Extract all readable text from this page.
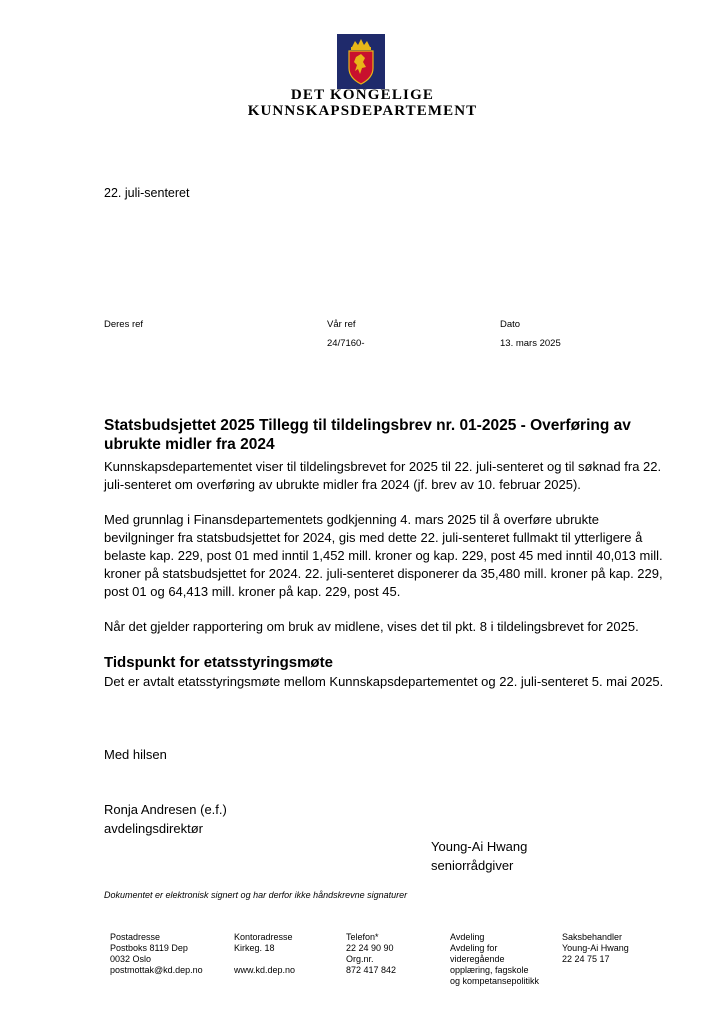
DET KONGELIGE
KUNNSKAPSDEPARTEMENT
22. juli-senteret
Deres ref	Vår ref
24/7160-
Dato
13. mars 2025
Statsbudsjettet 2025 Tillegg til tildelingsbrev nr. 01-2025 - Overføring av ubrukte midler fra 2024
Kunnskapsdepartementet viser til tildelingsbrevet for 2025 til 22. juli-senteret og til søknad fra 22. juli-senteret om overføring av ubrukte midler fra 2024 (jf. brev av 10. februar 2025).
Med grunnlag i Finansdepartementets godkjenning 4. mars 2025 til å overføre ubrukte bevilgninger fra statsbudsjettet for 2024, gis med dette 22. juli-senteret fullmakt til ytterligere å belaste kap. 229, post 01 med inntil 1,452 mill. kroner og kap. 229, post 45 med inntil 40,013 mill. kroner på statsbudsjettet for 2024. 22. juli-senteret disponerer da 35,480 mill. kroner på kap. 229, post 01 og 64,413 mill. kroner på kap. 229, post 45.
Når det gjelder rapportering om bruk av midlene, vises det til pkt. 8 i tildelingsbrevet for 2025.
Tidspunkt for etatsstyringsmøte
Det er avtalt etatsstyringsmøte mellom Kunnskapsdepartementet og 22. juli-senteret 5. mai 2025.
Med hilsen
Ronja Andresen (e.f.)
avdelingsdirektør
Young-Ai Hwang
seniorrådgiver
Dokumentet er elektronisk signert og har derfor ikke håndskrevne signaturer
Postadresse
Postboks 8119 Dep
0032 Oslo
postmottak@kd.dep.no
Kontoradresse
Kirkeg. 18

www.kd.dep.no
Telefon*
22 24 90 90
Org.nr.
872 417 842
Avdeling
Avdeling for
videregående
opplæring, fagskole
og kompetansepolitikk
Saksbehandler
Young-Ai Hwang
22 24 75 17
